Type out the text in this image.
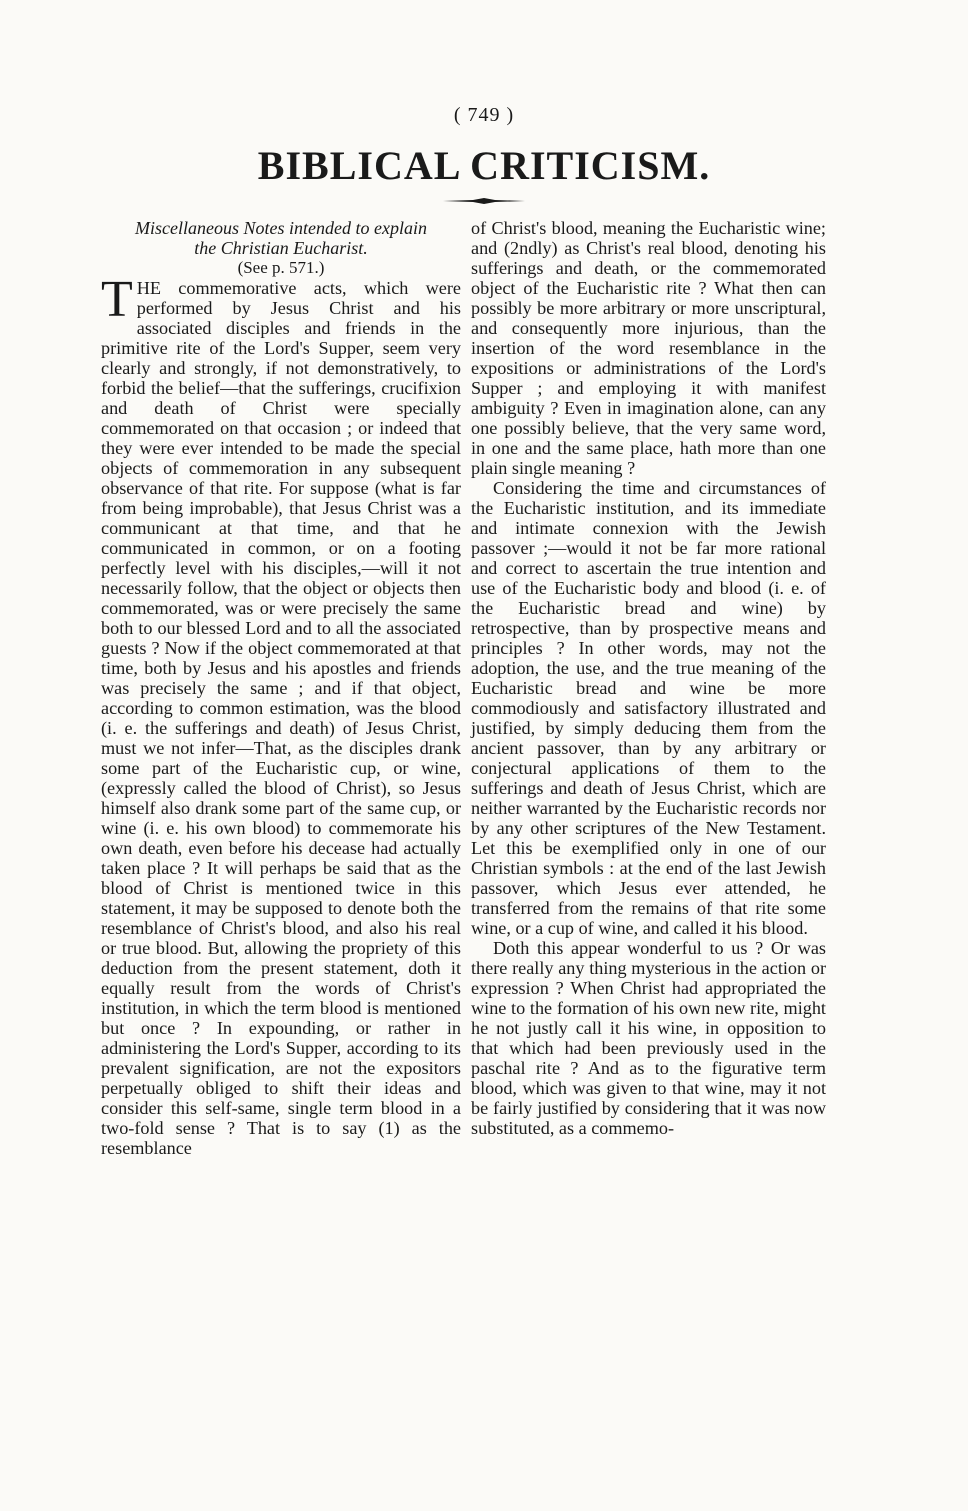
( 749 )
BIBLICAL CRITICISM.

Miscellaneous Notes intended to explain

the Christian Eucharist.

(See p. 571.)

THE commemorative acts, which were performed by Jesus Christ and his associated disciples and friends in the primitive rite of the Lord's Supper, seem very clearly and strongly, if not demonstratively, to forbid the belief—that the sufferings, crucifixion and death of Christ were specially commemorated on that occasion ; or indeed that they were ever intended to be made the special objects of commemoration in any subsequent observance of that rite. For suppose (what is far from being improbable), that Jesus Christ was a communicant at that time, and that he communicated in common, or on a footing perfectly level with his disciples,—will it not necessarily follow, that the object or objects then commemorated, was or were precisely the same both to our blessed Lord and to all the associated guests ? Now if the object commemorated at that time, both by Jesus and his apostles and friends was precisely the same ; and if that object, according to common estimation, was the blood (i. e. the sufferings and death) of Jesus Christ, must we not infer—That, as the disciples drank some part of the Eucharistic cup, or wine, (expressly called the blood of Christ), so Jesus himself also drank some part of the same cup, or wine (i. e. his own blood) to commemorate his own death, even before his decease had actually taken place ? It will perhaps be said that as the blood of Christ is mentioned twice in this statement, it may be supposed to denote both the resemblance of Christ's blood, and also his real or true blood. But, allowing the propriety of this deduction from the present statement, doth it equally result from the words of Christ's institution, in which the term blood is mentioned but once ? In expounding, or rather in administering the Lord's Supper, according to its prevalent signification, are not the expositors perpetually obliged to shift their ideas and consider this self-same, single term blood in a two-fold sense ? That is to say (1) as the resemblance

of Christ's blood, meaning the Eucharistic wine; and (2ndly) as Christ's real blood, denoting his sufferings and death, or the commemorated object of the Eucharistic rite ? What then can possibly be more arbitrary or more unscriptural, and consequently more injurious, than the insertion of the word resemblance in the expositions or administrations of the Lord's Supper ; and employing it with manifest ambiguity ? Even in imagination alone, can any one possibly believe, that the very same word, in one and the same place, hath more than one plain single meaning ?

Considering the time and circumstances of the Eucharistic institution, and its immediate and intimate connexion with the Jewish passover ;—would it not be far more rational and correct to ascertain the true intention and use of the Eucharistic body and blood (i. e. of the Eucharistic bread and wine) by retrospective, than by prospective means and principles ? In other words, may not the adoption, the use, and the true meaning of the Eucharistic bread and wine be more commodiously and satisfactory illustrated and justified, by simply deducing them from the ancient passover, than by any arbitrary or conjectural applications of them to the sufferings and death of Jesus Christ, which are neither warranted by the Eucharistic records nor by any other scriptures of the New Testament. Let this be exemplified only in one of our Christian symbols : at the end of the last Jewish passover, which Jesus ever attended, he transferred from the remains of that rite some wine, or a cup of wine, and called it his blood.

Doth this appear wonderful to us ? Or was there really any thing mysterious in the action or expression ? When Christ had appropriated the wine to the formation of his own new rite, might he not justly call it his wine, in opposition to that which had been previously used in the paschal rite ? And as to the figurative term blood, which was given to that wine, may it not be fairly justified by considering that it was now substituted, as a commemo-
